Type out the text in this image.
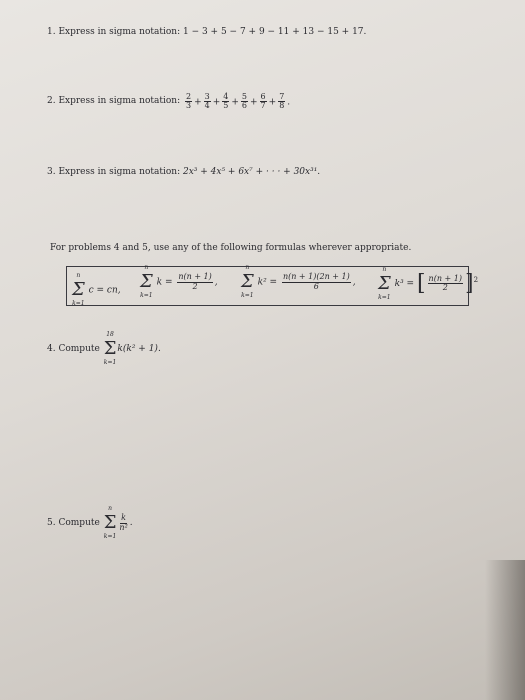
1. Express in sigma notation: 1 − 3 + 5 − 7 + 9 − 11 + 13 − 15 + 17.
2.
Express in sigma notation:
$\frac{2}{3} + \frac{3}{4} + \frac{4}{5} + \frac{5}{6} + \frac{6}{7} + \frac{7}{8}$ .
3. Express in sigma notation: 2x³ + 4x⁵ + 6x⁷ + · · · + 30x³¹.
For problems 4 and 5, use any of the following formulas wherever appropriate.
Σ
n
k=1
c = cn, Σ
n
k=1
$k = \frac{n(n + 1)}{2}$ , Σ
n
k=1
$k^2 = \frac{n(n + 1)(2n + 1)}{6}$ , Σ
n
k=1
k³ = [ $\frac{n(n + 1)}{2} ]^2$
4.
Compute
Σ
18
k=1
k(k² + 1).
5.
Compute
Σ
n
k=1
$\frac{k}{\text{n²}}$ .
